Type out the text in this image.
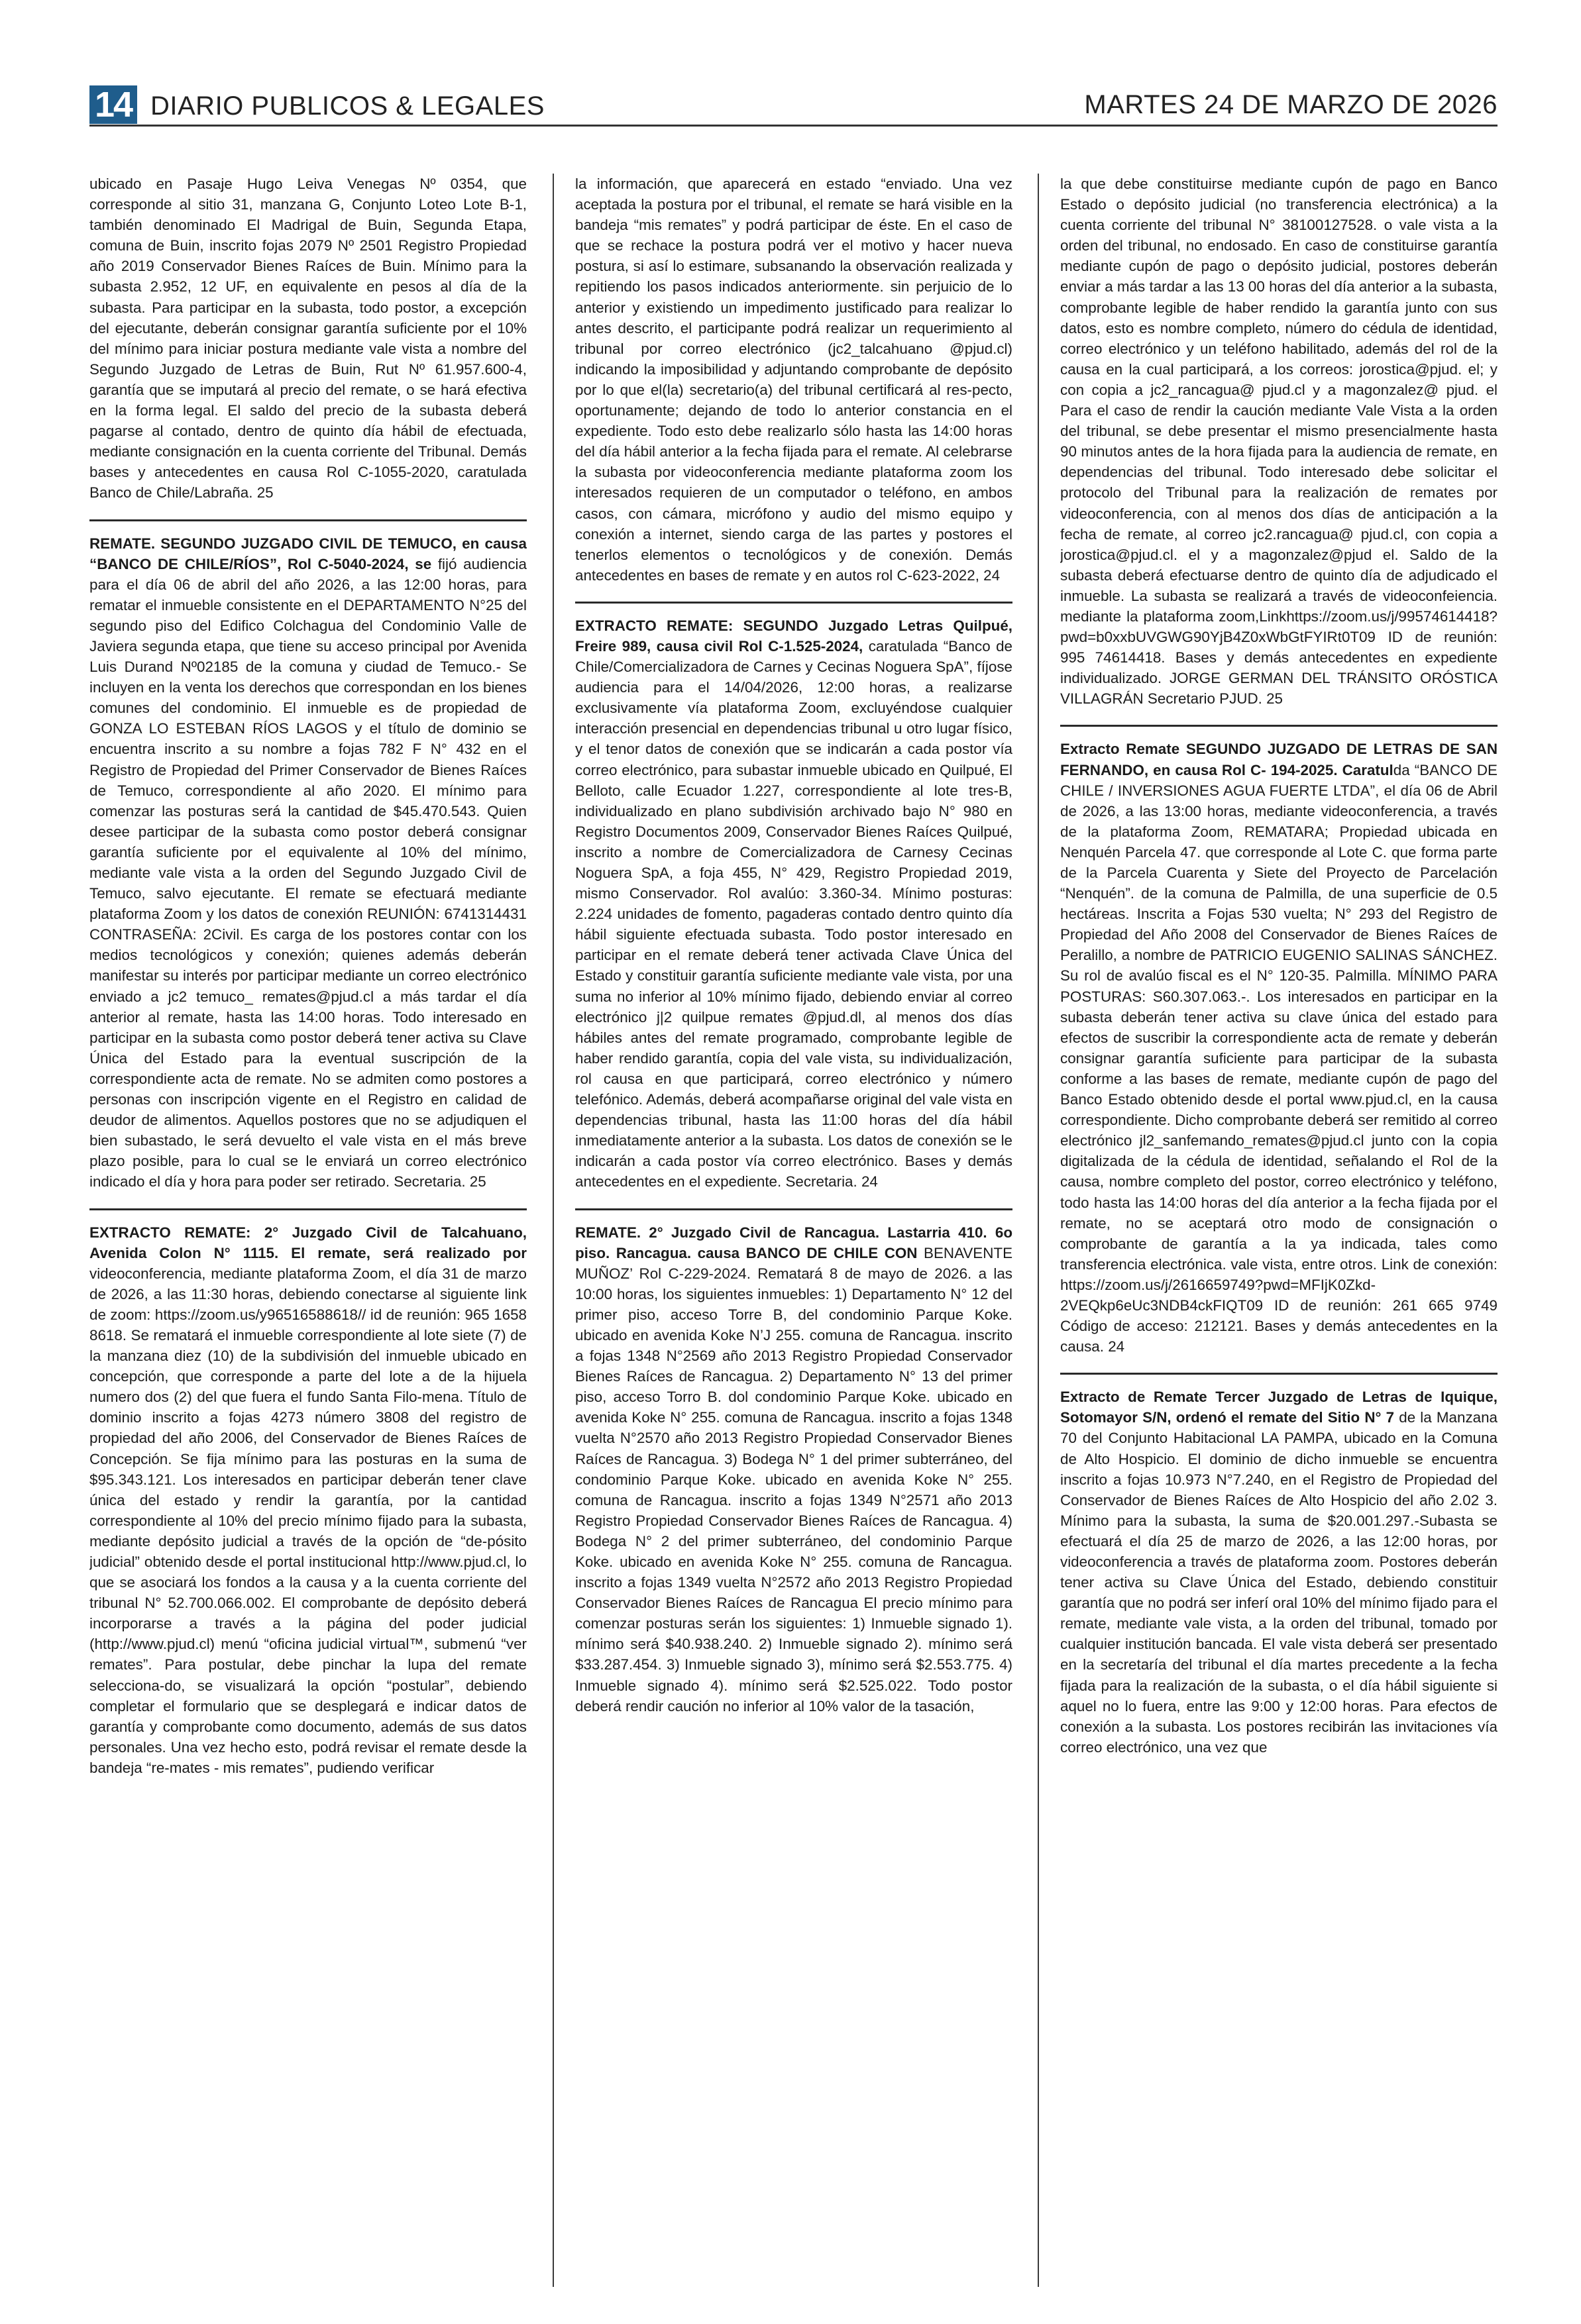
14 DIARIO PUBLICOS & LEGALES	MARTES 24 DE MARZO DE 2026

ubicado en Pasaje Hugo Leiva Venegas Nº 0354, que corresponde al sitio 31, manzana G, Conjunto Loteo Lote B-1, también denominado El Madrigal de Buin, Segunda Etapa, comuna de Buin, inscrito fojas 2079 Nº 2501 Registro Propiedad año 2019 Conservador Bienes Raíces de Buin. Mínimo para la subasta 2.952, 12 UF, en equivalente en pesos al día de la subasta. Para participar en la subasta, todo postor, a excepción del ejecutante, deberán consignar garantía suficiente por el 10% del mínimo para iniciar postura mediante vale vista a nombre del Segundo Juzgado de Letras de Buin, Rut Nº 61.957.600-4, garantía que se imputará al precio del remate, o se hará efectiva en la forma legal. El saldo del precio de la subasta deberá pagarse al contado, dentro de quinto día hábil de efectuada, mediante consignación en la cuenta corriente del Tribunal. Demás bases y antecedentes en causa Rol C-1055-2020, caratulada Banco de Chile/Labraña. 25

REMATE. SEGUNDO JUZGADO CIVIL DE TEMUCO, en causa “BANCO DE CHILE/RÍOS”, Rol C-5040-2024, se fijó audiencia para el día 06 de abril del año 2026, a las 12:00 horas, para rematar el inmueble consistente en el DEPARTAMENTO N°25 del segundo piso del Edifico Colchagua del Condominio Valle de Javiera segunda etapa, que tiene su acceso principal por Avenida Luis Durand Nº02185 de la comuna y ciudad de Temuco.- Se incluyen en la venta los derechos que correspondan en los bienes comunes del condominio. El inmueble es de propiedad de GONZA LO ESTEBAN RÍOS LAGOS y el título de dominio se encuentra inscrito a su nombre a fojas 782 F N° 432 en el Registro de Propiedad del Primer Conservador de Bienes Raíces de Temuco, correspondiente al año 2020. El mínimo para comenzar las posturas será la cantidad de $45.470.543. Quien desee participar de la subasta como postor deberá consignar garantía suficiente por el equivalente al 10% del mínimo, mediante vale vista a la orden del Segundo Juzgado Civil de Temuco, salvo ejecutante. El remate se efectuará mediante plataforma Zoom y los datos de conexión REUNIÓN: 6741314431 CONTRASEÑA: 2Civil. Es carga de los postores contar con los medios tecnológicos y conexión; quienes además deberán manifestar su interés por participar mediante un correo electrónico enviado a jc2 temuco_ remates@pjud.cl a más tardar el día anterior al remate, hasta las 14:00 horas. Todo interesado en participar en la subasta como postor deberá tener activa su Clave Única del Estado para la eventual suscripción de la correspondiente acta de remate. No se admiten como postores a personas con inscripción vigente en el Registro en calidad de deudor de alimentos. Aquellos postores que no se adjudiquen el bien subastado, le será devuelto el vale vista en el más breve plazo posible, para lo cual se le enviará un correo electrónico indicado el día y hora para poder ser retirado. Secretaria. 25

EXTRACTO REMATE: 2° Juzgado Civil de Talcahuano, Avenida Colon N° 1115. El remate, será realizado por videoconferencia, mediante plataforma Zoom, el día 31 de marzo de 2026, a las 11:30 horas, debiendo conectarse al siguiente link de zoom: https://zoom.us/y96516588618// id de reunión: 965 1658 8618. Se rematará el inmueble correspondiente al lote siete (7) de la manzana diez (10) de la subdivisión del inmueble ubicado en concepción, que corresponde a parte del lote a de la hijuela numero dos (2) del que fuera el fundo Santa Filo-mena. Título de dominio inscrito a fojas 4273 número 3808 del registro de propiedad del año 2006, del Conservador de Bienes Raíces de Concepción. Se fija mínimo para las posturas en la suma de $95.343.121. Los interesados en participar deberán tener clave única del estado y rendir la garantía, por la cantidad correspondiente al 10% del precio mínimo fijado para la subasta, mediante depósito judicial a través de la opción de “de-pósito judicial” obtenido desde el portal institucional http://www.pjud.cl, lo que se asociará los fondos a la causa y a la cuenta corriente del tribunal N° 52.700.066.002. El comprobante de depósito deberá incorporarse a través a la página del poder judicial (http://www.pjud.cl) menú “oficina judicial virtual™, submenú “ver remates”. Para postular, debe pinchar la lupa del remate selecciona-do, se visualizará la opción “postular”, debiendo completar el formulario que se desplegará e indicar datos de garantía y comprobante como documento, además de sus datos personales. Una vez hecho esto, podrá revisar el remate desde la bandeja “re-mates - mis remates”, pudiendo verificar

la información, que aparecerá en estado “enviado. Una vez aceptada la postura por el tribunal, el remate se hará visible en la bandeja “mis remates” y podrá participar de éste. En el caso de que se rechace la postura podrá ver el motivo y hacer nueva postura, si así lo estimare, subsanando la observación realizada y repitiendo los pasos indicados anteriormente. sin perjuicio de lo anterior y existiendo un impedimento justificado para realizar lo antes descrito, el participante podrá realizar un requerimiento al tribunal por correo electrónico (jc2_talcahuano @pjud.cl) indicando la imposibilidad y adjuntando comprobante de depósito por lo que el(la) secretario(a) del tribunal certificará al res-pecto, oportunamente; dejando de todo lo anterior constancia en el expediente. Todo esto debe realizarlo sólo hasta las 14:00 horas del día hábil anterior a la fecha fijada para el remate. Al celebrarse la subasta por videoconferencia mediante plataforma zoom los interesados requieren de un computador o teléfono, en ambos casos, con cámara, micrófono y audio del mismo equipo y conexión a internet, siendo carga de las partes y postores el tenerlos elementos o tecnológicos y de conexión. Demás antecedentes en bases de remate y en autos rol C-623-2022, 24

EXTRACTO REMATE: SEGUNDO Juzgado Letras Quilpué, Freire 989, causa civil Rol C-1.525-2024, caratulada “Banco de Chile/Comercializadora de Carnes y Cecinas Noguera SpA”, fíjose audiencia para el 14/04/2026, 12:00 horas, a realizarse exclusivamente vía plataforma Zoom, excluyéndose cualquier interacción presencial en dependencias tribunal u otro lugar físico, y el tenor datos de conexión que se indicarán a cada postor vía correo electrónico, para subastar inmueble ubicado en Quilpué, El Belloto, calle Ecuador 1.227, correspondiente al lote tres-B, individualizado en plano subdivisión archivado bajo N° 980 en Registro Documentos 2009, Conservador Bienes Raíces Quilpué, inscrito a nombre de Comercializadora de Carnesy Cecinas Noguera SpA, a foja 455, N° 429, Registro Propiedad 2019, mismo Conservador. Rol avalúo: 3.360-34. Mínimo posturas: 2.224 unidades de fomento, pagaderas contado dentro quinto día hábil siguiente efectuada subasta. Todo postor interesado en participar en el remate deberá tener activada Clave Única del Estado y constituir garantía suficiente mediante vale vista, por una suma no inferior al 10% mínimo fijado, debiendo enviar al correo electrónico j|2 quilpue remates @pjud.dl, al menos dos días hábiles antes del remate programado, comprobante legible de haber rendido garantía, copia del vale vista, su individualización, rol causa en que participará, correo electrónico y número telefónico. Además, deberá acompañarse original del vale vista en dependencias tribunal, hasta las 11:00 horas del día hábil inmediatamente anterior a la subasta. Los datos de conexión se le indicarán a cada postor vía correo electrónico. Bases y demás antecedentes en el expediente. Secretaria. 24

REMATE. 2° Juzgado Civil de Rancagua. Lastarria 410. 6o piso. Rancagua. causa BANCO DE CHILE CON BENAVENTE MUÑOZ’ Rol C-229-2024. Rematará 8 de mayo de 2026. a las 10:00 horas, los siguientes inmuebles: 1) Departamento N° 12 del primer piso, acceso Torre B, del condominio Parque Koke. ubicado en avenida Koke N’J 255. comuna de Rancagua. inscrito a fojas 1348 N°2569 año 2013 Registro Propiedad Conservador Bienes Raíces de Rancagua. 2) Departamento N° 13 del primer piso, acceso Torro B. dol condominio Parque Koke. ubicado en avenida Koke N° 255. comuna de Rancagua. inscrito a fojas 1348 vuelta N°2570 año 2013 Registro Propiedad Conservador Bienes Raíces de Rancagua. 3) Bodega N° 1 del primer subterráneo, del condominio Parque Koke. ubicado en avenida Koke N° 255. comuna de Rancagua. inscrito a fojas 1349 N°2571 año 2013 Registro Propiedad Conservador Bienes Raíces de Rancagua. 4) Bodega N° 2 del primer subterráneo, del condominio Parque Koke. ubicado en avenida Koke N° 255. comuna de Rancagua. inscrito a fojas 1349 vuelta N°2572 año 2013 Registro Propiedad Conservador Bienes Raíces de Rancagua El precio mínimo para comenzar posturas serán los siguientes: 1) Inmueble signado 1). mínimo será $40.938.240. 2) Inmueble signado 2). mínimo será $33.287.454. 3) Inmueble signado 3), mínimo será $2.553.775. 4) Inmueble signado 4). mínimo será $2.525.022. Todo postor deberá rendir caución no inferior al 10% valor de la tasación,

la que debe constituirse mediante cupón de pago en Banco Estado o depósito judicial (no transferencia electrónica) a la cuenta corriente del tribunal N° 38100127528. o vale vista a la orden del tribunal, no endosado. En caso de constituirse garantía mediante cupón de pago o depósito judicial, postores deberán enviar a más tardar a las 13 00 horas del día anterior a la subasta, comprobante legible de haber rendido la garantía junto con sus datos, esto es nombre completo, número do cédula de identidad, correo electrónico y un teléfono habilitado, además del rol de la causa en la cual participará, a los correos: jorostica@pjud. el; y con copia a jc2_rancagua@ pjud.cl y a magonzalez@ pjud. el Para el caso de rendir la caución mediante Vale Vista a la orden del tribunal, se debe presentar el mismo presencialmente hasta 90 minutos antes de la hora fijada para la audiencia de remate, en dependencias del tribunal. Todo interesado debe solicitar el protocolo del Tribunal para la realización de remates por videoconferencia, con al menos dos días de anticipación a la fecha de remate, al correo jc2.rancagua@ pjud.cl, con copia a jorostica@pjud.cl. el y a magonzalez@pjud el. Saldo de la subasta deberá efectuarse dentro de quinto día de adjudicado el inmueble. La subasta se realizará a través de videoconfeiencia. mediante la plataforma zoom,Linkhttps://zoom.us/j/99574614418?pwd=b0xxbUVGWG90YjB4Z0xWbGtFYIRt0T09 ID de reunión: 995 74614418. Bases y demás antecedentes en expediente individualizado. JORGE GERMAN DEL TRÁNSITO ORÓSTICA VILLAGRÁN Secretario PJUD. 25

Extracto Remate SEGUNDO JUZGADO DE LETRAS DE SAN FERNANDO, en causa Rol C- 194-2025. Caratulda “BANCO DE CHILE / INVERSIONES AGUA FUERTE LTDA”, el día 06 de Abril de 2026, a las 13:00 horas, mediante videoconferencia, a través de la plataforma Zoom, REMATARA; Propiedad ubicada en Nenquén Parcela 47. que corresponde al Lote C. que forma parte de la Parcela Cuarenta y Siete del Proyecto de Parcelación “Nenquén”. de la comuna de Palmilla, de una superficie de 0.5 hectáreas. Inscrita a Fojas 530 vuelta; N° 293 del Registro de Propiedad del Año 2008 del Conservador de Bienes Raíces de Peralillo, a nombre de PATRICIO EUGENIO SALINAS SÁNCHEZ. Su rol de avalúo fiscal es el N° 120-35. Palmilla. MÍNIMO PARA POSTURAS: S60.307.063.-. Los interesados en participar en la subasta deberán tener activa su clave única del estado para efectos de suscribir la correspondiente acta de remate y deberán consignar garantía suficiente para participar de la subasta conforme a las bases de remate, mediante cupón de pago del Banco Estado obtenido desde el portal www.pjud.cl, en la causa correspondiente. Dicho comprobante deberá ser remitido al correo electrónico jl2_sanfemando_remates@pjud.cl junto con la copia digitalizada de la cédula de identidad, señalando el Rol de la causa, nombre completo del postor, correo electrónico y teléfono, todo hasta las 14:00 horas del día anterior a la fecha fijada por el remate, no se aceptará otro modo de consignación o comprobante de garantía a la ya indicada, tales como transferencia electrónica. vale vista, entre otros. Link de conexión: https://zoom.us/j/2616659749?pwd=MFIjK0Zkd-2VEQkp6eUc3NDB4ckFIQT09 ID de reunión: 261 665 9749 Código de acceso: 212121. Bases y demás antecedentes en la causa. 24

Extracto de Remate Tercer Juzgado de Letras de Iquique, Sotomayor S/N, ordenó el remate del Sitio N° 7 de la Manzana 70 del Conjunto Habitacional LA PAMPA, ubicado en la Comuna de Alto Hospicio. El dominio de dicho inmueble se encuentra inscrito a fojas 10.973 N°7.240, en el Registro de Propiedad del Conservador de Bienes Raíces de Alto Hospicio del año 2.02 3. Mínimo para la subasta, la suma de $20.001.297.-Subasta se efectuará el día 25 de marzo de 2026, a las 12:00 horas, por videoconferencia a través de plataforma zoom. Postores deberán tener activa su Clave Única del Estado, debiendo constituir garantía que no podrá ser inferí oral 10% del mínimo fijado para el remate, mediante vale vista, a la orden del tribunal, tomado por cualquier institución bancada. El vale vista deberá ser presentado en la secretaría del tribunal el día martes precedente a la fecha fijada para la realización de la subasta, o el día hábil siguiente si aquel no lo fuera, entre las 9:00 y 12:00 horas. Para efectos de conexión a la subasta. Los postores recibirán las invitaciones vía correo electrónico, una vez que
